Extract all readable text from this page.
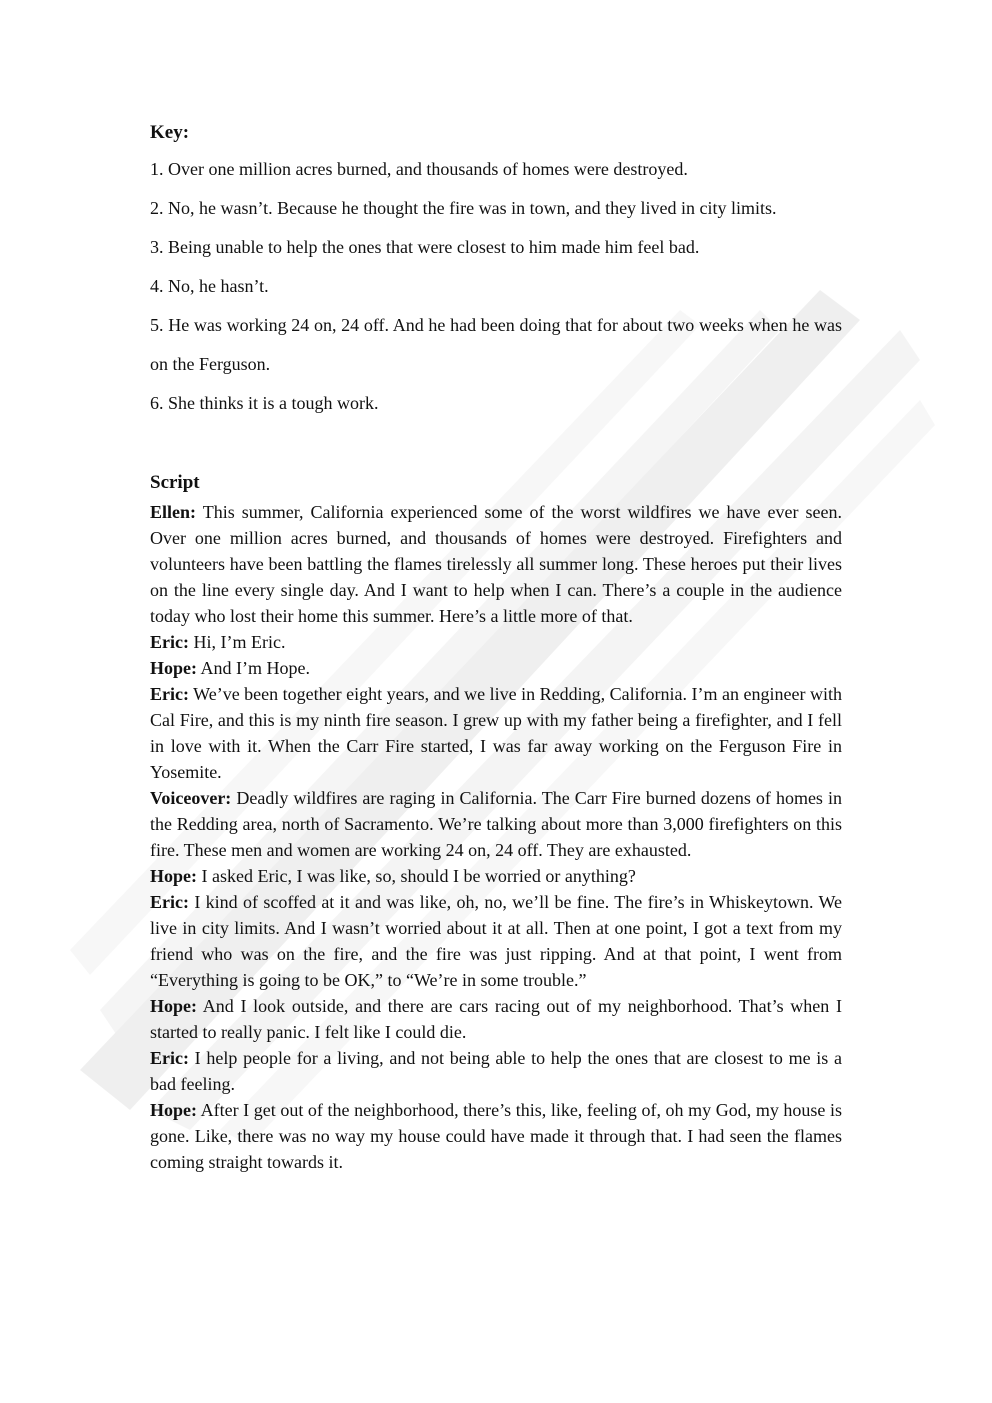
Key:

1. Over one million acres burned, and thousands of homes were destroyed.

2. No, he wasn’t. Because he thought the fire was in town, and they lived in city limits.

3. Being unable to help the ones that were closest to him made him feel bad.

4. No, he hasn’t.

5. He was working 24 on, 24 off. And he had been doing that for about two weeks when he was on the Ferguson.

6. She thinks it is a tough work.

Script

Ellen: This summer, California experienced some of the worst wildfires we have ever seen. Over one million acres burned, and thousands of homes were destroyed. Firefighters and volunteers have been battling the flames tirelessly all summer long. These heroes put their lives on the line every single day. And I want to help when I can. There’s a couple in the audience today who lost their home this summer. Here’s a little more of that.

Eric: Hi, I’m Eric.

Hope: And I’m Hope.

Eric: We’ve been together eight years, and we live in Redding, California. I’m an engineer with Cal Fire, and this is my ninth fire season. I grew up with my father being a firefighter, and I fell in love with it. When the Carr Fire started, I was far away working on the Ferguson Fire in Yosemite.

Voiceover: Deadly wildfires are raging in California. The Carr Fire burned dozens of homes in the Redding area, north of Sacramento. We’re talking about more than 3,000 firefighters on this fire. These men and women are working 24 on, 24 off. They are exhausted.

Hope: I asked Eric, I was like, so, should I be worried or anything?

Eric: I kind of scoffed at it and was like, oh, no, we’ll be fine. The fire’s in Whiskeytown. We live in city limits. And I wasn’t worried about it at all. Then at one point, I got a text from my friend who was on the fire, and the fire was just ripping. And at that point, I went from “Everything is going to be OK,” to “We’re in some trouble.”

Hope: And I look outside, and there are cars racing out of my neighborhood. That’s when I started to really panic. I felt like I could die.

Eric: I help people for a living, and not being able to help the ones that are closest to me is a bad feeling.

Hope: After I get out of the neighborhood, there’s this, like, feeling of, oh my God, my house is gone. Like, there was no way my house could have made it through that. I had seen the flames coming straight towards it.
